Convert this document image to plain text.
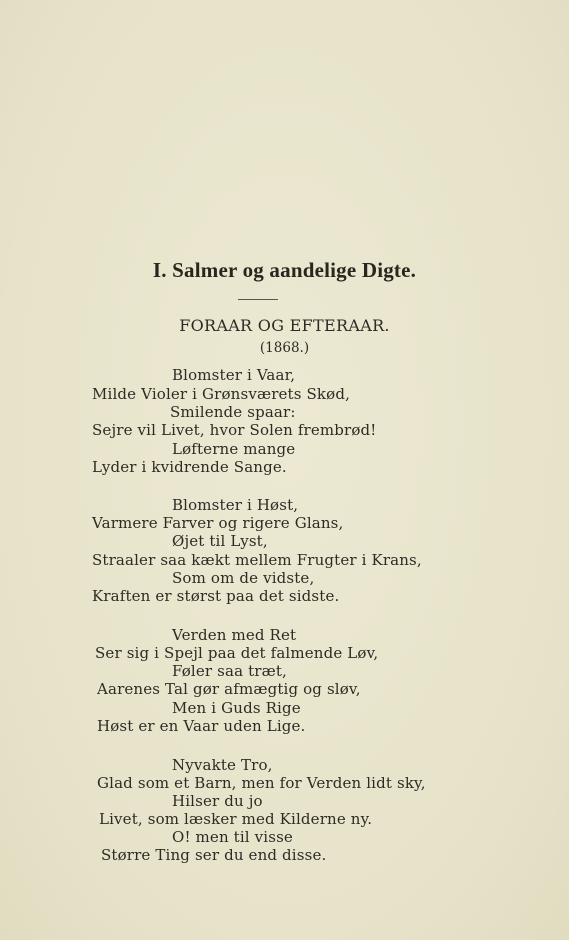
I. Salmer og aandelige Digte.
FORAAR OG EFTERAAR.
(1868.)
Blomster i Vaar,
Milde Violer i Grønsværets Skød,
Smilende spaar:
Sejre vil Livet, hvor Solen frembrød!
Løfterne mange
Lyder i kvidrende Sange.
Blomster i Høst,
Varmere Farver og rigere Glans,
Øjet til Lyst,
Straaler saa kækt mellem Frugter i Krans,
Som om de vidste,
Kraften er størst paa det sidste.
Verden med Ret
Ser sig i Spejl paa det falmende Løv,
Føler saa træt,
Aarenes Tal gør afmægtig og sløv,
Men i Guds Rige
Høst er en Vaar uden Lige.
Nyvakte Tro,
Glad som et Barn, men for Verden lidt sky,
Hilser du jo
Livet, som læsker med Kilderne ny.
O! men til visse
Større Ting ser du end disse.
